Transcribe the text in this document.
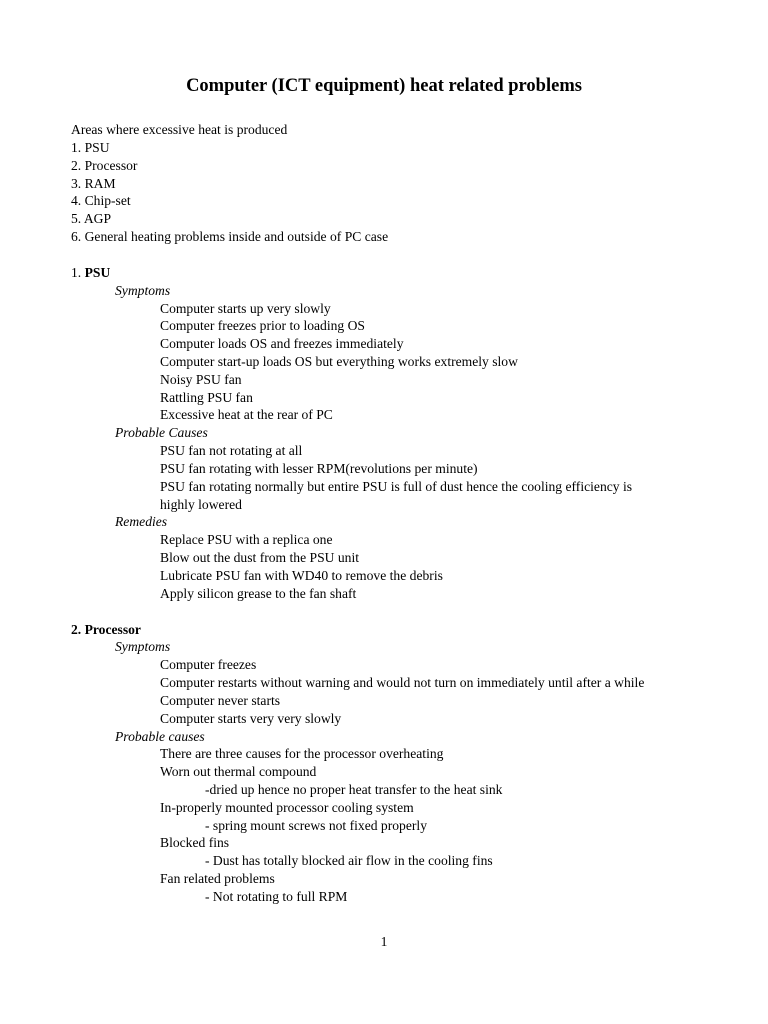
Computer (ICT equipment) heat related problems
Areas where excessive heat is produced
1. PSU
2. Processor
3. RAM
4. Chip-set
5. AGP
6. General heating problems inside and outside of PC case
1. PSU
Symptoms
Computer starts up very slowly
Computer freezes prior to loading OS
Computer loads OS and freezes immediately
Computer start-up loads OS but everything works extremely slow
Noisy PSU fan
Rattling PSU fan
Excessive heat at the rear of PC
Probable Causes
PSU fan not rotating at all
PSU fan rotating with lesser RPM(revolutions per minute)
PSU fan rotating normally but entire PSU is full of dust hence the cooling efficiency is
highly lowered
Remedies
Replace PSU with a replica one
Blow out the dust from the PSU unit
Lubricate PSU fan with WD40 to remove the debris
Apply silicon grease to the fan shaft
2. Processor
Symptoms
Computer freezes
Computer restarts without warning and would not turn on immediately until after a while
Computer never starts
Computer starts very very slowly
Probable causes
There are three causes for the processor overheating
Worn out thermal compound
-dried up hence no proper heat transfer to the heat sink
In-properly mounted processor cooling system
- spring mount screws not fixed properly
Blocked fins
- Dust has totally blocked air flow in the cooling fins
Fan related problems
- Not rotating to full RPM
1
